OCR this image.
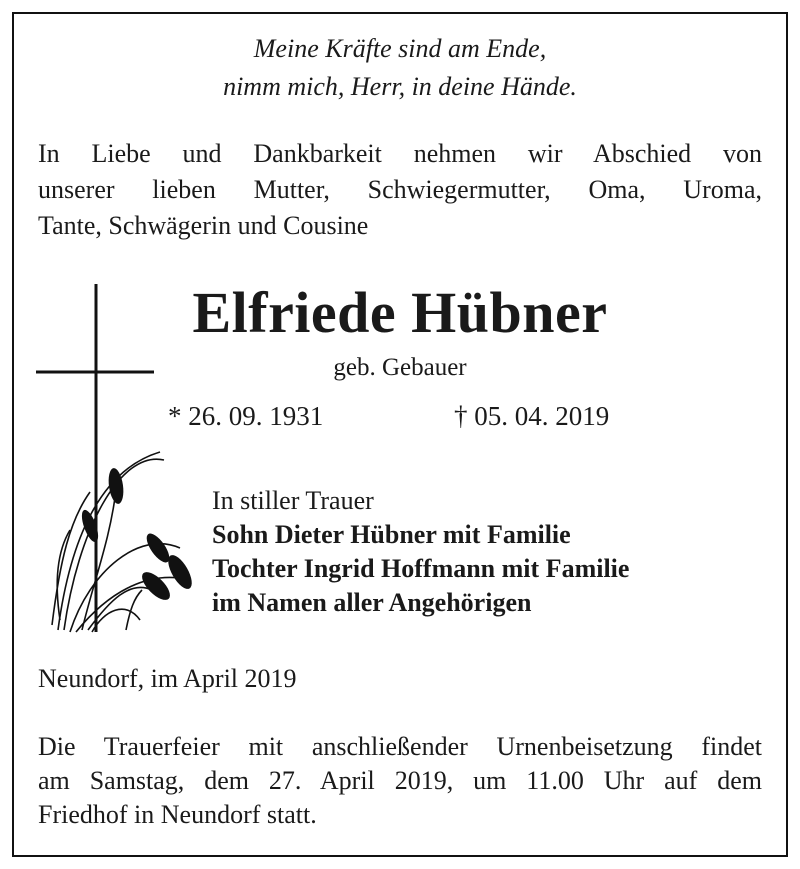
Meine Kräfte sind am Ende,
nimm mich, Herr, in deine Hände.
In Liebe und Dankbarkeit nehmen wir Abschied von
unserer lieben Mutter, Schwiegermutter, Oma, Uroma,
Tante, Schwägerin und Cousine
Elfriede Hübner
geb. Gebauer
* 26. 09. 1931	† 05. 04. 2019
In stiller Trauer
Sohn Dieter Hübner mit Familie
Tochter Ingrid Hoffmann mit Familie
im Namen aller Angehörigen
Neundorf, im April 2019
Die Trauerfeier mit anschließender Urnenbeisetzung findet
am Samstag, dem 27. April 2019, um 11.00 Uhr auf dem
Friedhof in Neundorf statt.
